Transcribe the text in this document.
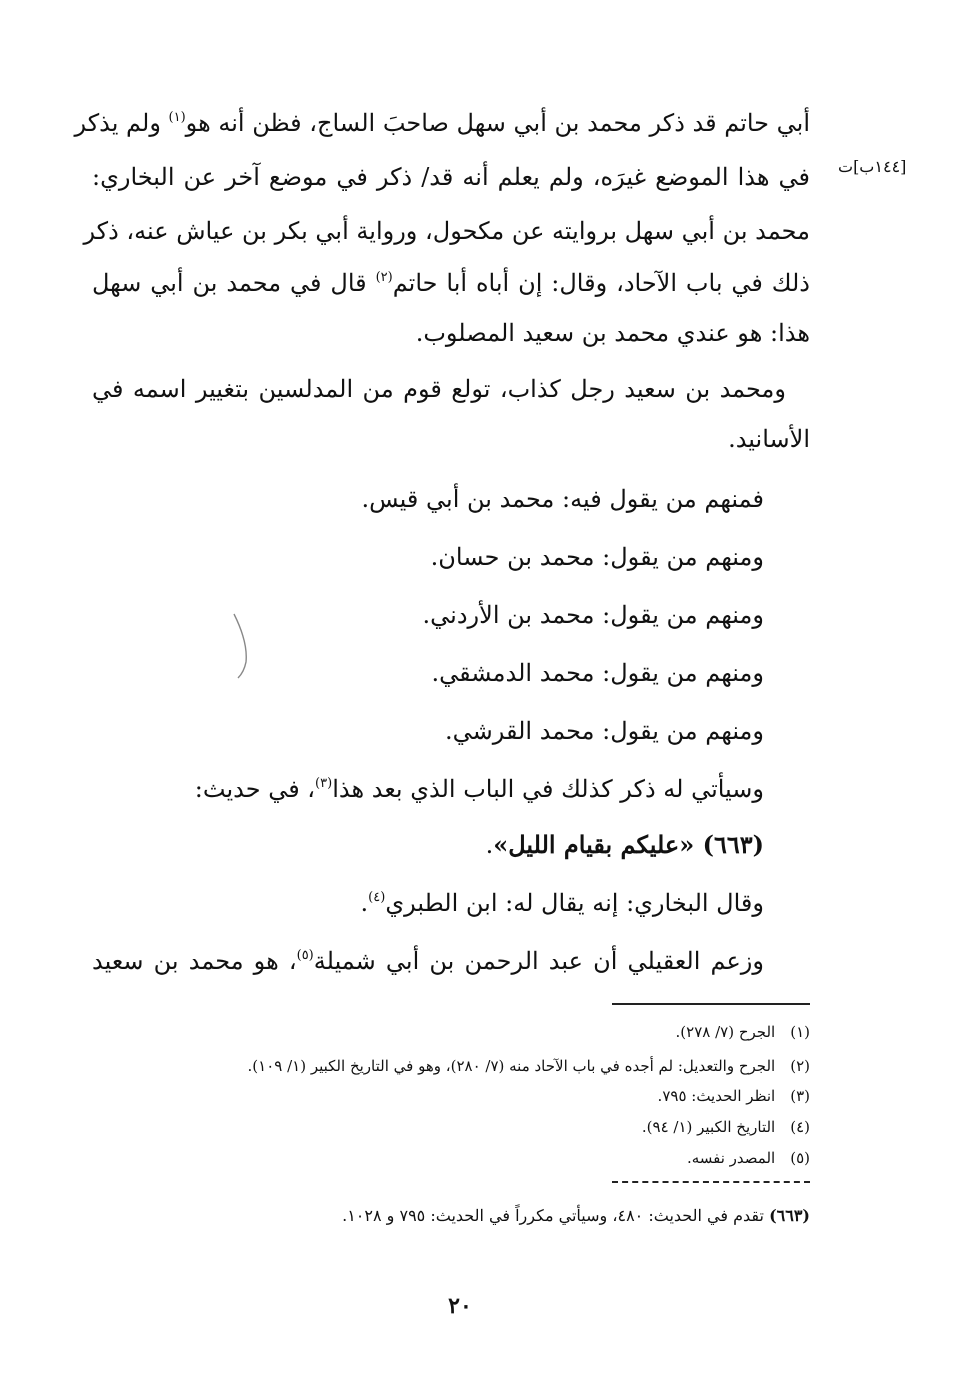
[١٤٤ب]ت
أبي حاتم قد ذكر محمد بن أبي سهل صاحبَ الساج، فظن أنه هو$^{(١)}$ ولم يذكر
في هذا الموضع غيرَه، ولم يعلم أنه قد/ ذكر في موضع آخر عن البخاري:
محمد بن أبي سهل بروايته عن مكحول، ورواية أبي بكر بن عياش عنه، ذكر
ذلك في باب الآحاد، وقال: إن أباه أبا حاتم$^{(٢)}$ قال في محمد بن أبي سهل
هذا: هو عندي محمد بن سعيد المصلوب.
ومحمد بن سعيد رجل كذاب، تولع قوم من المدلسين بتغيير اسمه في
الأسانيد.
فمنهم من يقول فيه: محمد بن أبي قيس.
ومنهم من يقول: محمد بن حسان.
ومنهم من يقول: محمد بن الأردني.
ومنهم من يقول: محمد الدمشقي.
ومنهم من يقول: محمد القرشي.
وسيأتي له ذكر كذلك في الباب الذي بعد هذا$^{(٣)}$، في حديث:
(٦٦٣) «عليكم بقيام الليل».
وقال البخاري: إنه يقال له: ابن الطبري$^{(٤)}$.
وزعم العقيلي أن عبد الرحمن بن أبي شميلة$^{(٥)}$، هو محمد بن سعيد
(١) الجرح (٧/ ٢٧٨).
(٢) الجرح والتعديل: لم أجده في باب الآحاد منه (٧/ ٢٨٠)، وهو في التاريخ الكبير (١/ ١٠٩).
(٣) انظر الحديث: ٧٩٥.
(٤) التاريخ الكبير (١/ ٩٤).
(٥) المصدر نفسه.
(٦٦٣) تقدم في الحديث: ٤٨٠، وسيأتي مكرراً في الحديث: ٧٩٥ و ١٠٢٨.
٢٠
